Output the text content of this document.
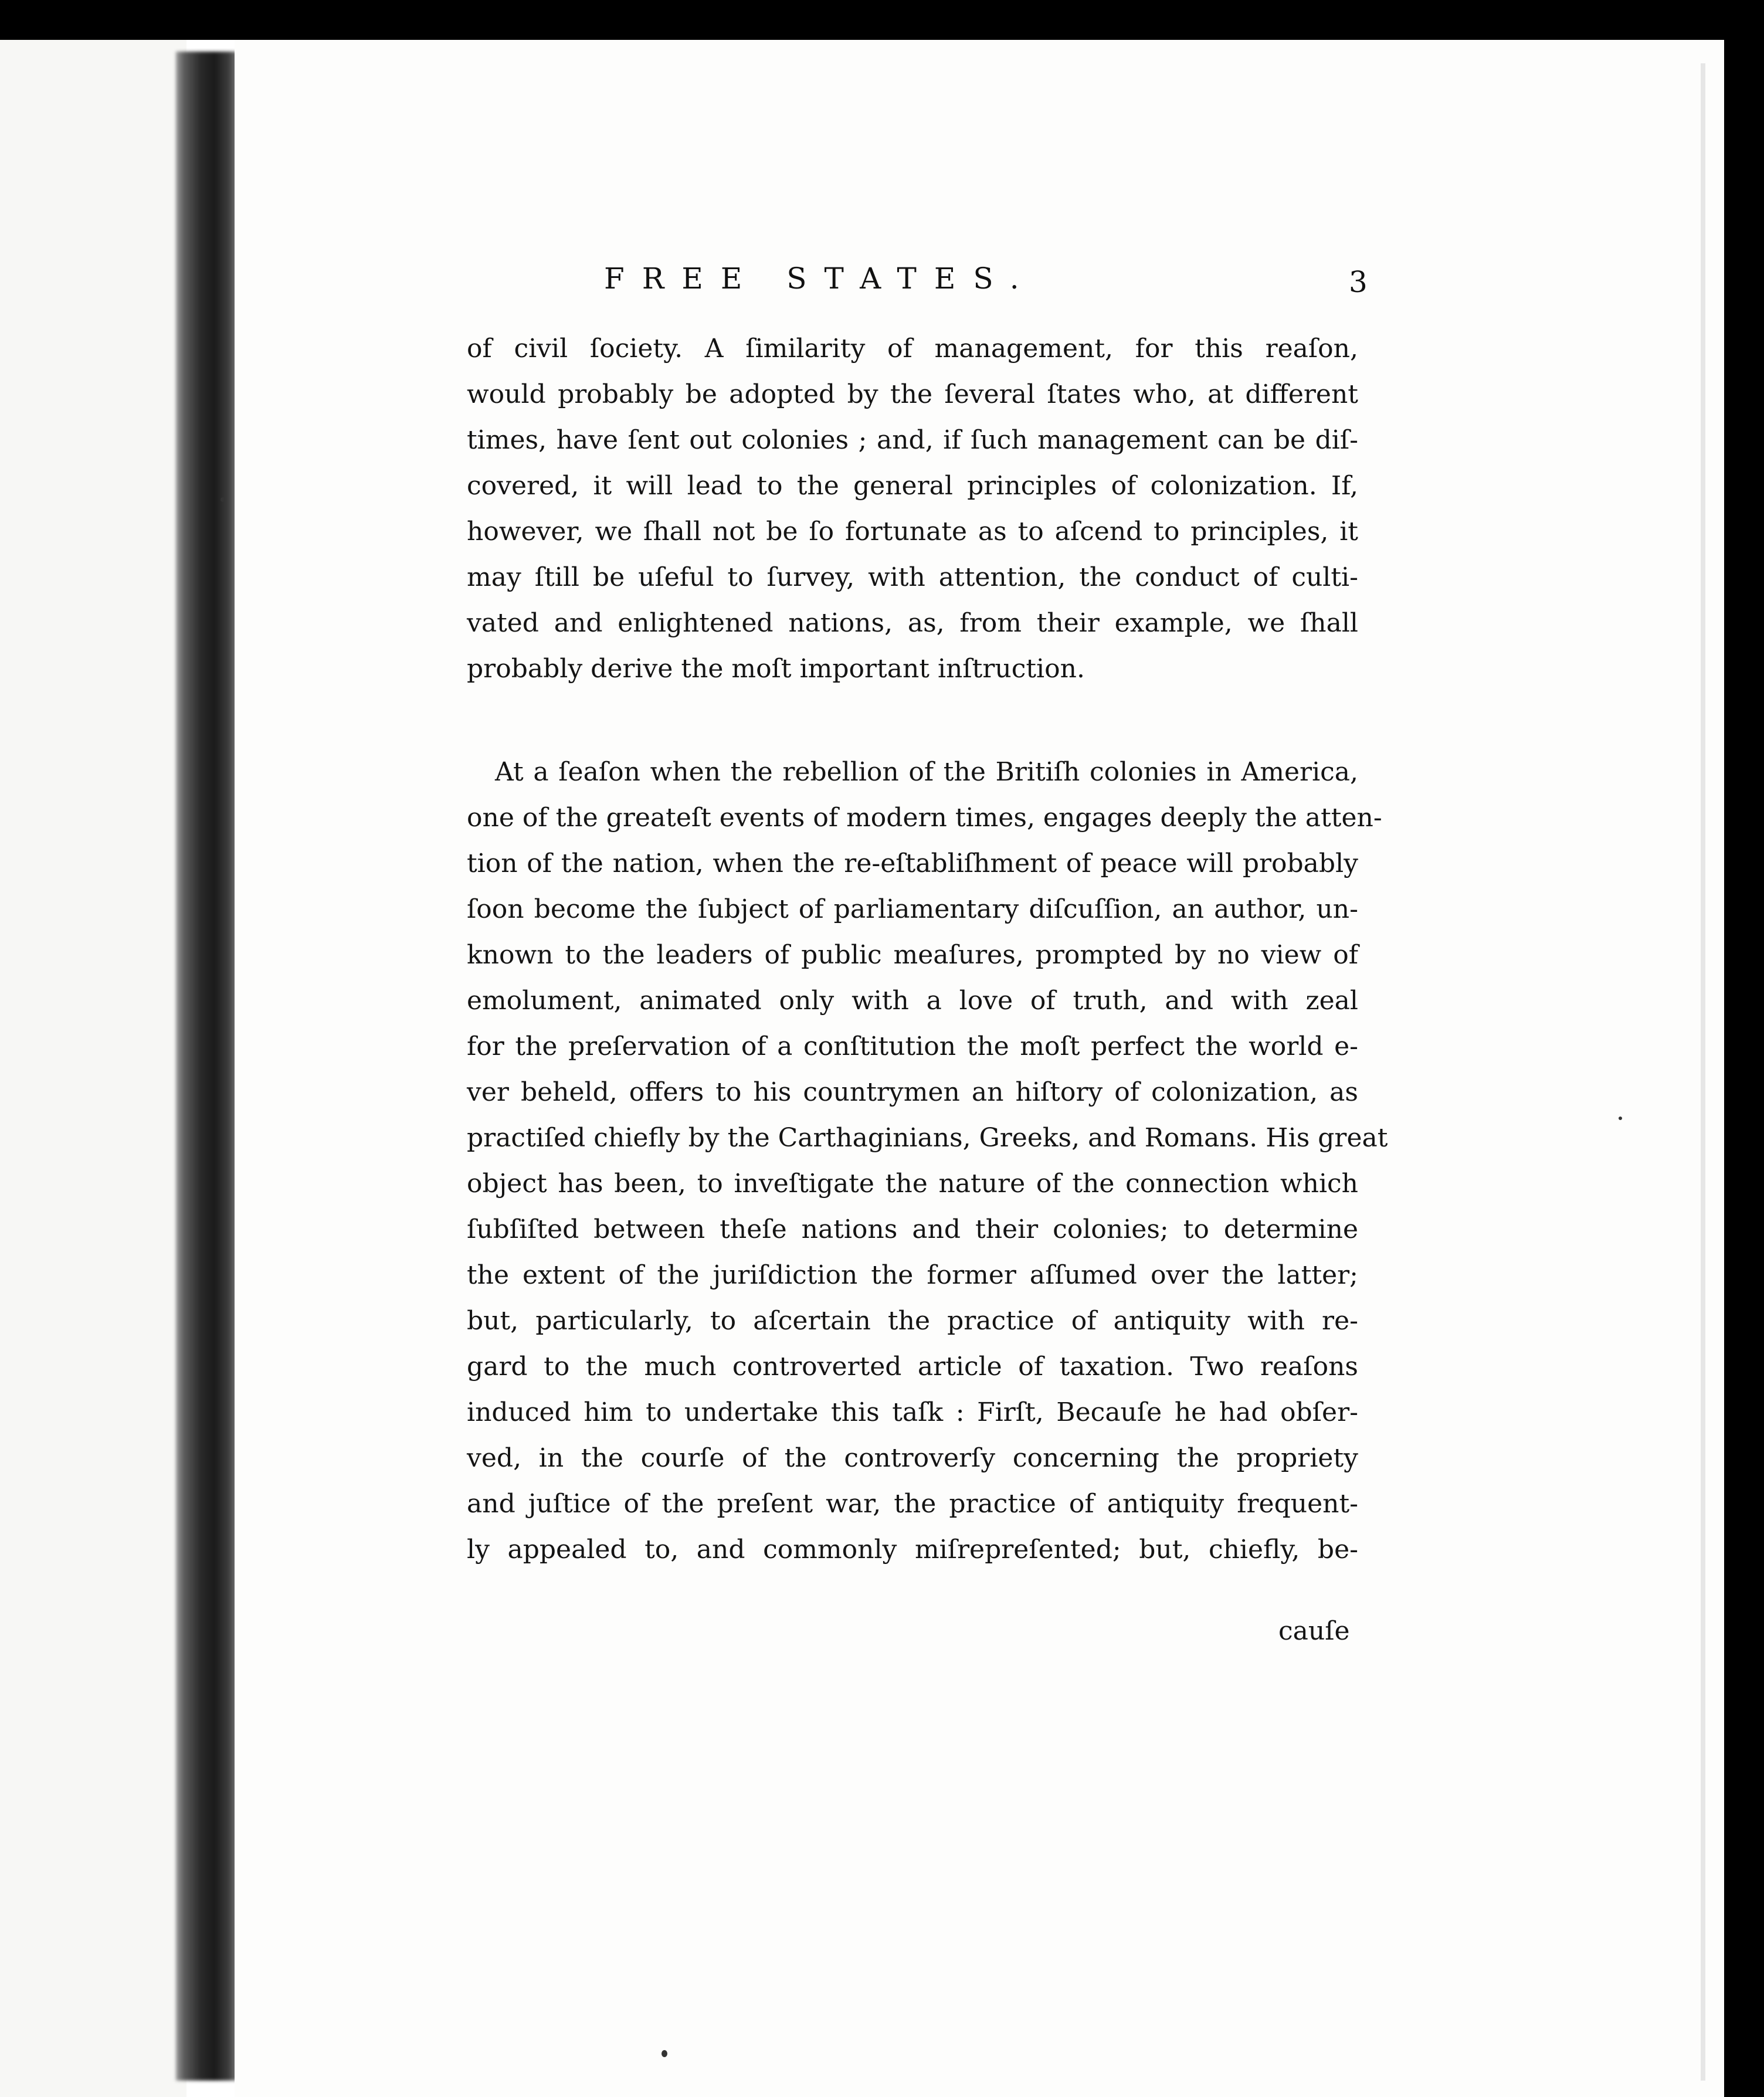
FREE STATES.	3
of civil ſociety. A ſimilarity of management, for this reaſon,
would probably be adopted by the ſeveral ſtates who, at different
times, have ſent out colonies ; and, if ſuch management can be diſ-
covered, it will lead to the general principles of colonization. If,
however, we ſhall not be ſo fortunate as to aſcend to principles, it
may ſtill be uſeful to ſurvey, with attention, the conduct of culti-
vated and enlightened nations, as, from their example, we ſhall
probably derive the moſt important inſtruction.
At a ſeaſon when the rebellion of the Britiſh colonies in America,
one of the greateſt events of modern times, engages deeply the atten-
tion of the nation, when the re-eſtabliſhment of peace will probably
ſoon become the ſubject of parliamentary diſcuſſion, an author, un-
known to the leaders of public meaſures, prompted by no view of
emolument, animated only with a love of truth, and with zeal
for the preſervation of a conſtitution the moſt perfect the world e-
ver beheld, offers to his countrymen an hiſtory of colonization, as
practiſed chiefly by the Carthaginians, Greeks, and Romans. His great
object has been, to inveſtigate the nature of the connection which
ſubſiſted between theſe nations and their colonies; to determine
the extent of the juriſdiction the former aſſumed over the latter;
but, particularly, to aſcertain the practice of antiquity with re-
gard to the much controverted article of taxation. Two reaſons
induced him to undertake this taſk : Firſt, Becauſe he had obſer-
ved, in the courſe of the controverſy concerning the propriety
and juſtice of the preſent war, the practice of antiquity frequent-
ly appealed to, and commonly miſrepreſented; but, chiefly, be-
cauſe
